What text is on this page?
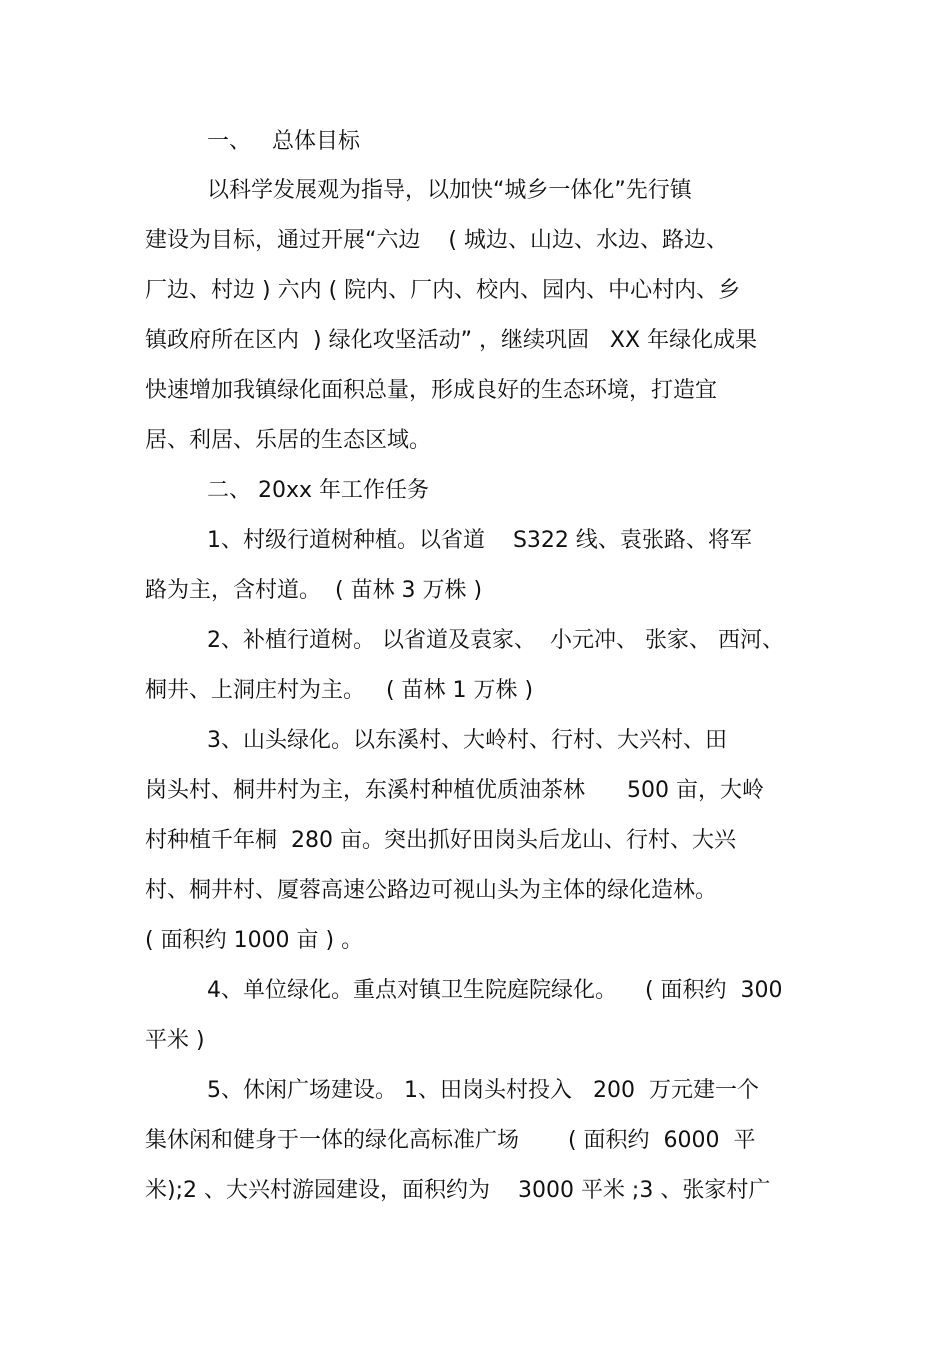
一、   总体目标
以科学发展观为指导，以加快“城乡一体化”先行镇
建设为目标，通过开展“六边    ( 城边、山边、水边、路边、
厂边、村边 ) 六内 ( 院内、厂内、校内、园内、中心村内、乡
镇政府所在区内  ) 绿化攻坚活动” ，继续巩固   XX 年绿化成果
快速增加我镇绿化面积总量，形成良好的生态环境，打造宜
居、利居、乐居的生态区域。
二、 20xx 年工作任务
1、村级行道树种植。以省道    S322 线、袁张路、将军
路为主，含村道。  ( 苗林 3 万株 )
2、补植行道树。 以省道及袁家、  小元冲、 张家、 西河、
桐井、上洞庄村为主。   ( 苗林 1 万株 )
3、山头绿化。以东溪村、大岭村、行村、大兴村、田
岗头村、桐井村为主，东溪村种植优质油茶林      500 亩，大岭
村种植千年桐  280 亩。突出抓好田岗头后龙山、行村、大兴
村、桐井村、厦蓉高速公路边可视山头为主体的绿化造林。
( 面积约 1000 亩 ) 。
4、单位绿化。重点对镇卫生院庭院绿化。    ( 面积约  300
平米 )
5、休闲广场建设。 1、田岗头村投入   200  万元建一个
集休闲和健身于一体的绿化高标准广场       ( 面积约  6000  平
米);2 、大兴村游园建设，面积约为    3000 平米 ;3 、张家村广
